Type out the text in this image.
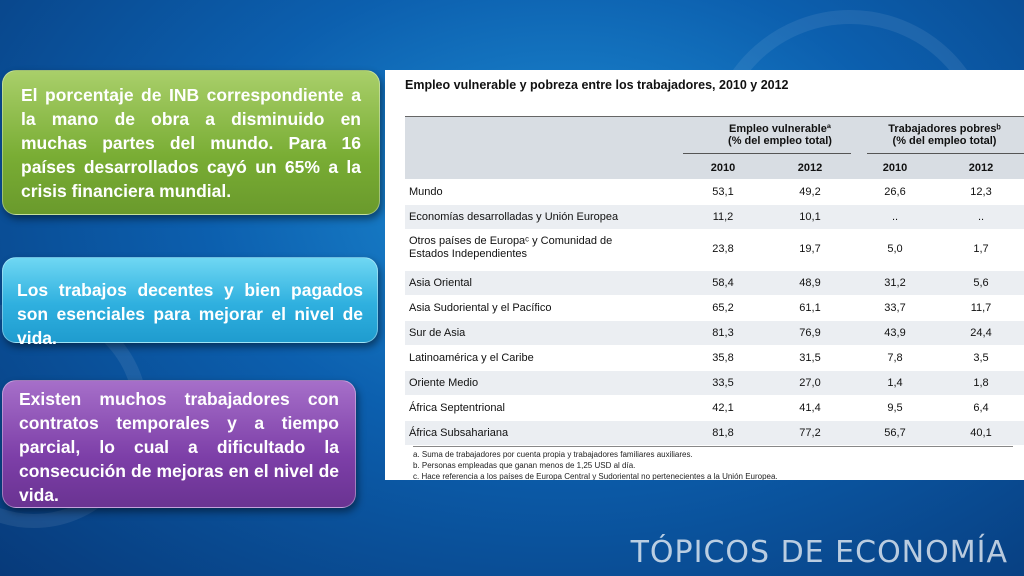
El porcentaje de INB correspondiente a la mano de obra a disminuido en muchas partes del mundo. Para 16 países desarrollados cayó un 65% a la crisis financiera mundial.

Los trabajos decentes y bien pagados son esenciales para mejorar el nivel de vida.

Existen muchos trabajadores con contratos temporales y a tiempo parcial, lo cual a dificultado la consecución de mejoras en el nivel de vida.

Empleo vulnerable y pobreza entre los trabajadores, 2010 y 2012
Empleo vulnerableª
(% del empleo total)
Trabajadores pobresᵇ
(% del empleo total)
2010	2012	2010	2012
Mundo	53,1	49,2	26,6	12,3
Economías desarrolladas y Unión Europea	11,2	10,1	..	..
Otros países de Europaᶜ y Comunidad de Estados Independientes	23,8	19,7	5,0	1,7
Asia Oriental	58,4	48,9	31,2	5,6
Asia Sudoriental y el Pacífico	65,2	61,1	33,7	11,7
Sur de Asia	81,3	76,9	43,9	24,4
Latinoamérica y el Caribe	35,8	31,5	7,8	3,5
Oriente Medio	33,5	27,0	1,4	1,8
África Septentrional	42,1	41,4	9,5	6,4
África Subsahariana	81,8	77,2	56,7	40,1
a. Suma de trabajadores por cuenta propia y trabajadores familiares auxiliares.
b. Personas empleadas que ganan menos de 1,25 USD al día.
c. Hace referencia a los países de Europa Central y Sudoriental no pertenecientes a la Unión Europea.
TÓPICOS DE ECONOMÍA
